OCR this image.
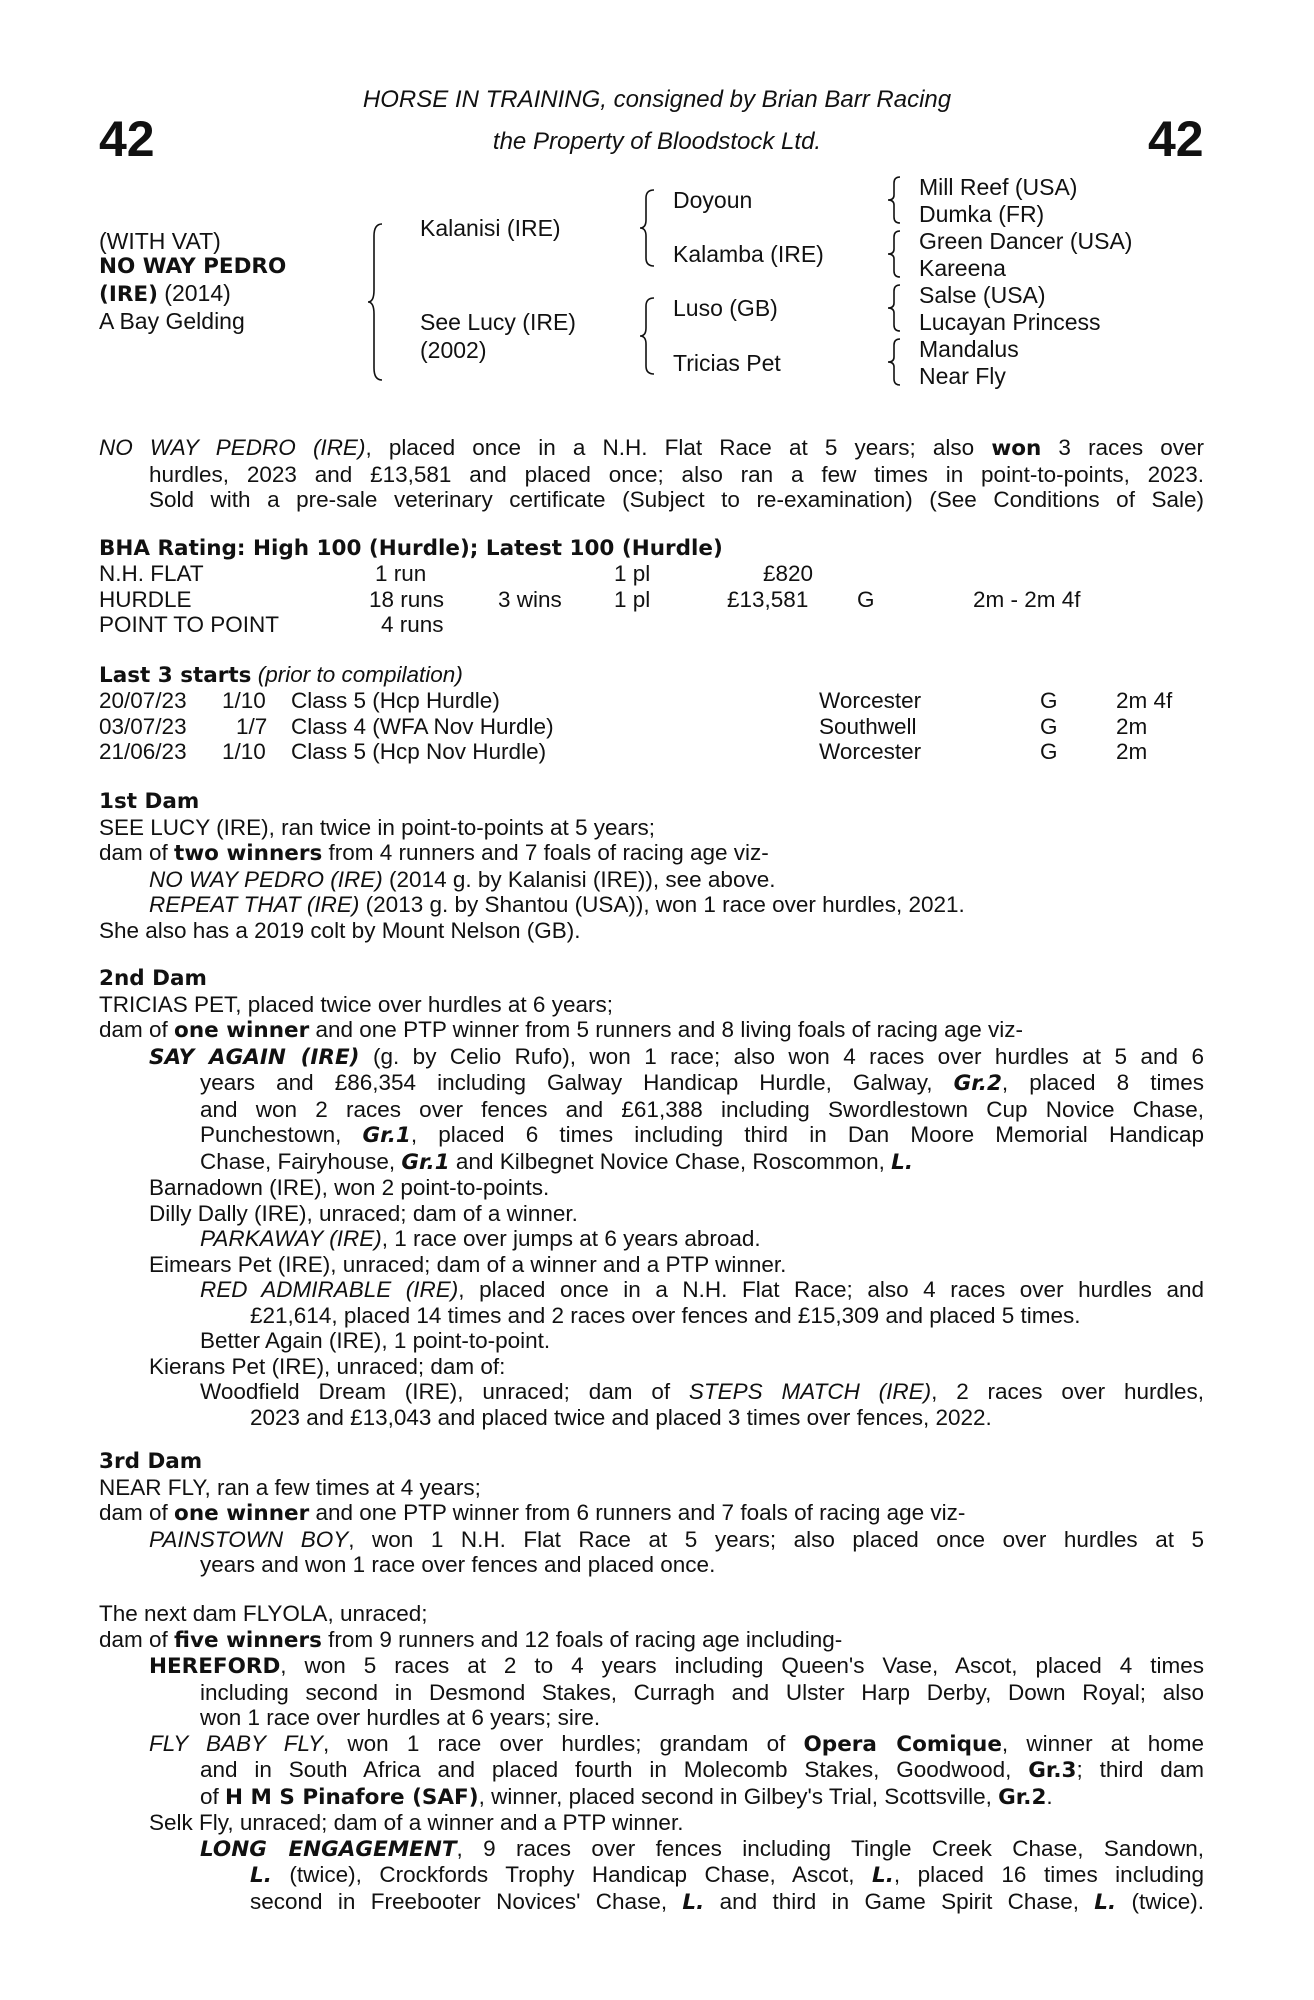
42	42
HORSE IN TRAINING, consigned by Brian Barr Racing
the Property of Bloodstock Ltd.
(WITH VAT)
NO WAY PEDRO
(IRE) (2014)
A Bay Gelding
Kalanisi (IRE)
See Lucy (IRE)
(2002)
Doyoun
Kalamba (IRE)
Luso (GB)
Tricias Pet
Mill Reef (USA)
Dumka (FR)
Green Dancer (USA)
Kareena
Salse (USA)
Lucayan Princess
Mandalus
Near Fly
NO WAY PEDRO (IRE), placed once in a N.H. Flat Race at 5 years; also won 3 races over
hurdles, 2023 and £13,581 and placed once; also ran a few times in point-to-points, 2023.
Sold with a pre-sale veterinary certificate (Subject to re-examination) (See Conditions of Sale)
BHA Rating: High 100 (Hurdle); Latest 100 (Hurdle)
N.H. FLAT	1 run	1 pl	£820
HURDLE	18 runs 3 wins 1 pl	£13,581 G	2m - 2m 4f
POINT TO POINT	4 runs
Last 3 starts (prior to compilation)
20/07/23 1/10 Class 5 (Hcp Hurdle)	Worcester	G	2m 4f
03/07/23 1/7 Class 4 (WFA Nov Hurdle)	Southwell	G	2m
21/06/23 1/10 Class 5 (Hcp Nov Hurdle)	Worcester	G	2m
1st Dam
SEE LUCY (IRE), ran twice in point-to-points at 5 years;
dam of two winners from 4 runners and 7 foals of racing age viz-
NO WAY PEDRO (IRE) (2014 g. by Kalanisi (IRE)), see above.
REPEAT THAT (IRE) (2013 g. by Shantou (USA)), won 1 race over hurdles, 2021.
She also has a 2019 colt by Mount Nelson (GB).
2nd Dam
TRICIAS PET, placed twice over hurdles at 6 years;
dam of one winner and one PTP winner from 5 runners and 8 living foals of racing age viz-
SAY AGAIN (IRE) (g. by Celio Rufo), won 1 race; also won 4 races over hurdles at 5 and 6
years and £86,354 including Galway Handicap Hurdle, Galway, Gr.2, placed 8 times
and won 2 races over fences and £61,388 including Swordlestown Cup Novice Chase,
Punchestown, Gr.1, placed 6 times including third in Dan Moore Memorial Handicap
Chase, Fairyhouse, Gr.1 and Kilbegnet Novice Chase, Roscommon, L.
Barnadown (IRE), won 2 point-to-points.
Dilly Dally (IRE), unraced; dam of a winner.
PARKAWAY (IRE), 1 race over jumps at 6 years abroad.
Eimears Pet (IRE), unraced; dam of a winner and a PTP winner.
RED ADMIRABLE (IRE), placed once in a N.H. Flat Race; also 4 races over hurdles and
£21,614, placed 14 times and 2 races over fences and £15,309 and placed 5 times.
Better Again (IRE), 1 point-to-point.
Kierans Pet (IRE), unraced; dam of:
Woodfield Dream (IRE), unraced; dam of STEPS MATCH (IRE), 2 races over hurdles,
2023 and £13,043 and placed twice and placed 3 times over fences, 2022.
3rd Dam
NEAR FLY, ran a few times at 4 years;
dam of one winner and one PTP winner from 6 runners and 7 foals of racing age viz-
PAINSTOWN BOY, won 1 N.H. Flat Race at 5 years; also placed once over hurdles at 5
years and won 1 race over fences and placed once.
The next dam FLYOLA, unraced;
dam of five winners from 9 runners and 12 foals of racing age including-
HEREFORD, won 5 races at 2 to 4 years including Queen's Vase, Ascot, placed 4 times
including second in Desmond Stakes, Curragh and Ulster Harp Derby, Down Royal; also
won 1 race over hurdles at 6 years; sire.
FLY BABY FLY, won 1 race over hurdles; grandam of Opera Comique, winner at home
and in South Africa and placed fourth in Molecomb Stakes, Goodwood, Gr.3; third dam
of H M S Pinafore (SAF), winner, placed second in Gilbey's Trial, Scottsville, Gr.2.
Selk Fly, unraced; dam of a winner and a PTP winner.
LONG ENGAGEMENT, 9 races over fences including Tingle Creek Chase, Sandown,
L. (twice), Crockfords Trophy Handicap Chase, Ascot, L., placed 16 times including
second in Freebooter Novices' Chase, L. and third in Game Spirit Chase, L. (twice).
